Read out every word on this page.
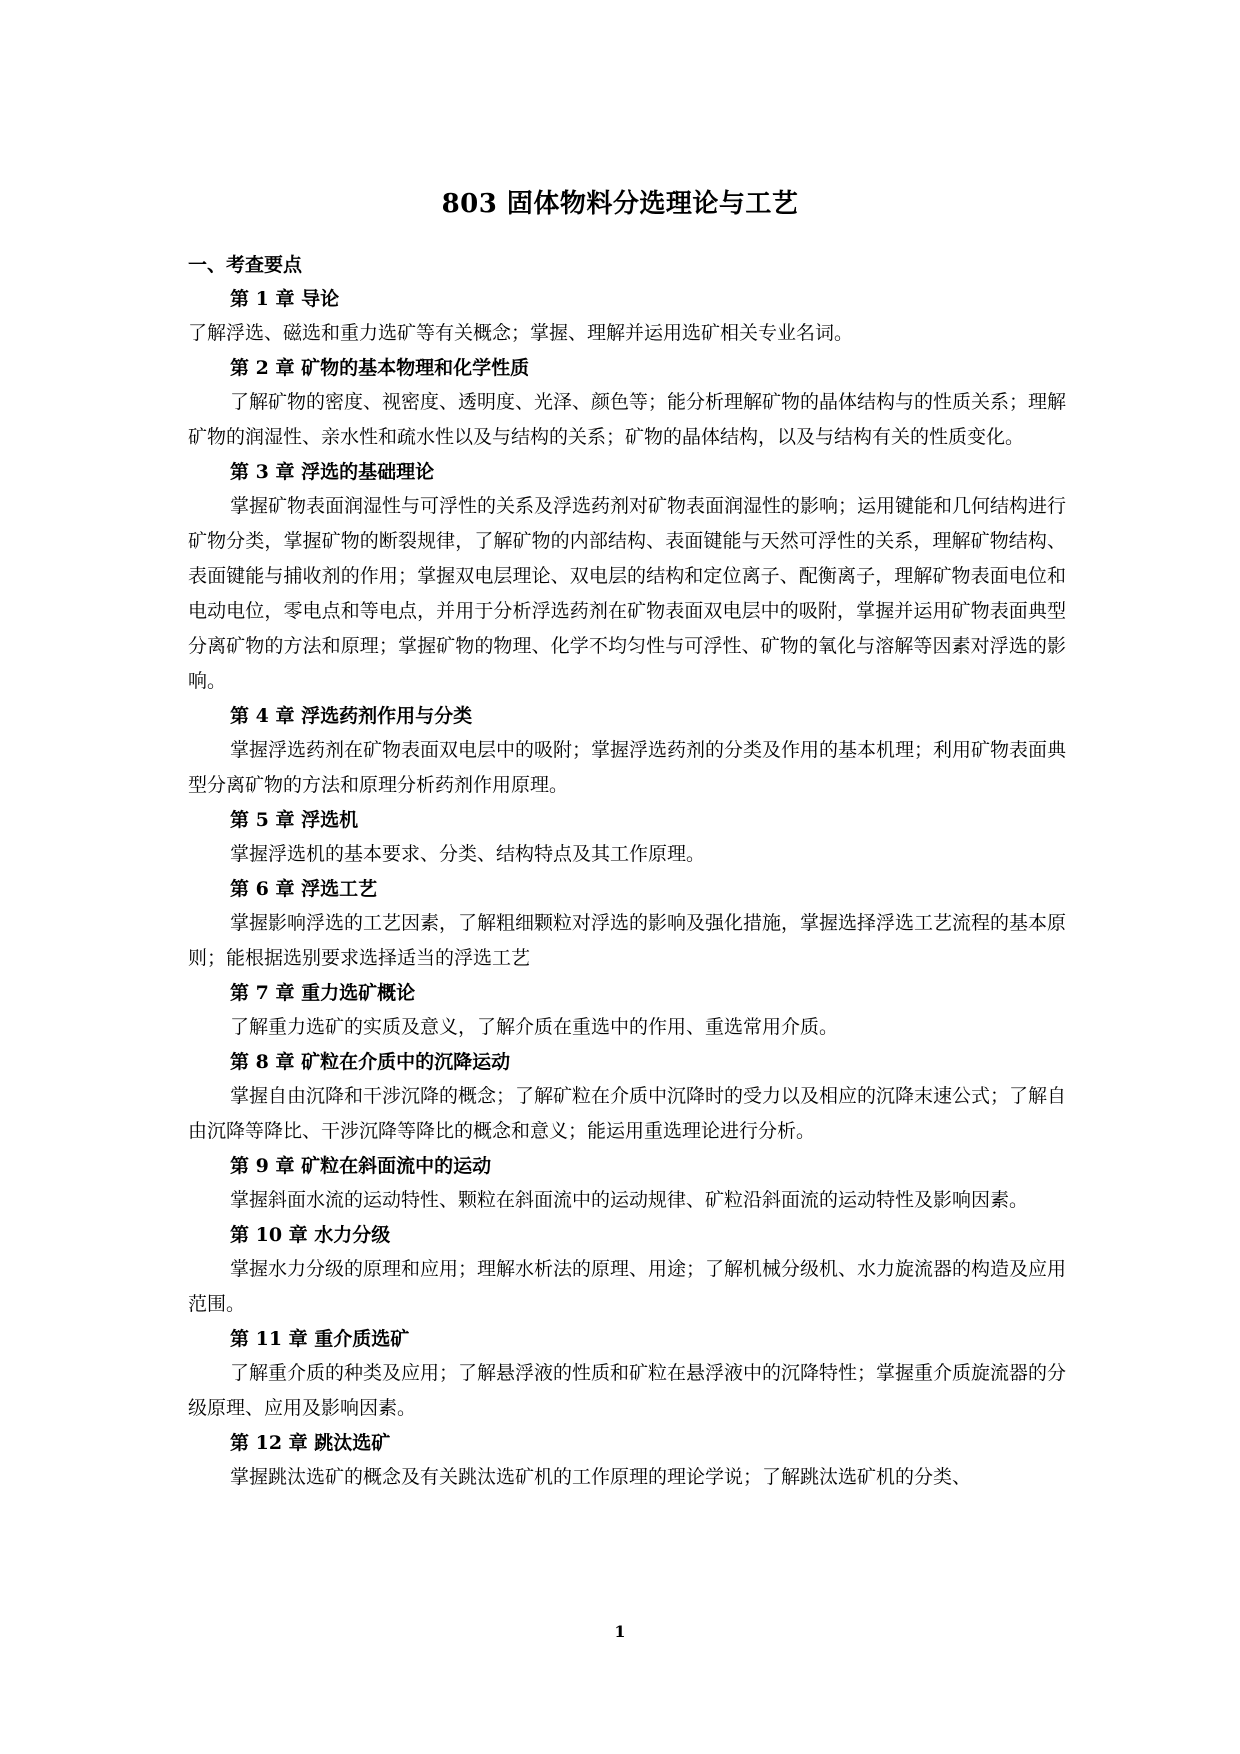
803 固体物料分选理论与工艺
一、考查要点
第 1 章 导论

了解浮选、磁选和重力选矿等有关概念；掌握、理解并运用选矿相关专业名词。

第 2 章 矿物的基本物理和化学性质

了解矿物的密度、视密度、透明度、光泽、颜色等；能分析理解矿物的晶体结构与的性质关系；理解矿物的润湿性、亲水性和疏水性以及与结构的关系；矿物的晶体结构，以及与结构有关的性质变化。

第 3 章 浮选的基础理论

掌握矿物表面润湿性与可浮性的关系及浮选药剂对矿物表面润湿性的影响；运用键能和几何结构进行矿物分类，掌握矿物的断裂规律，了解矿物的内部结构、表面键能与天然可浮性的关系，理解矿物结构、表面键能与捕收剂的作用；掌握双电层理论、双电层的结构和定位离子、配衡离子，理解矿物表面电位和电动电位，零电点和等电点，并用于分析浮选药剂在矿物表面双电层中的吸附，掌握并运用矿物表面典型分离矿物的方法和原理；掌握矿物的物理、化学不均匀性与可浮性、矿物的氧化与溶解等因素对浮选的影响。

第 4 章 浮选药剂作用与分类

掌握浮选药剂在矿物表面双电层中的吸附；掌握浮选药剂的分类及作用的基本机理；利用矿物表面典型分离矿物的方法和原理分析药剂作用原理。

第 5 章 浮选机

掌握浮选机的基本要求、分类、结构特点及其工作原理。

第 6 章 浮选工艺

掌握影响浮选的工艺因素，了解粗细颗粒对浮选的影响及强化措施，掌握选择浮选工艺流程的基本原则；能根据选别要求选择适当的浮选工艺

第 7 章 重力选矿概论

了解重力选矿的实质及意义，了解介质在重选中的作用、重选常用介质。

第 8 章 矿粒在介质中的沉降运动

掌握自由沉降和干涉沉降的概念；了解矿粒在介质中沉降时的受力以及相应的沉降末速公式；了解自由沉降等降比、干涉沉降等降比的概念和意义；能运用重选理论进行分析。

第 9 章 矿粒在斜面流中的运动

掌握斜面水流的运动特性、颗粒在斜面流中的运动规律、矿粒沿斜面流的运动特性及影响因素。

第 10 章 水力分级

掌握水力分级的原理和应用；理解水析法的原理、用途；了解机械分级机、水力旋流器的构造及应用范围。

第 11 章 重介质选矿

了解重介质的种类及应用；了解悬浮液的性质和矿粒在悬浮液中的沉降特性；掌握重介质旋流器的分级原理、应用及影响因素。

第 12 章 跳汰选矿

掌握跳汰选矿的概念及有关跳汰选矿机的工作原理的理论学说；了解跳汰选矿机的分类、

1
